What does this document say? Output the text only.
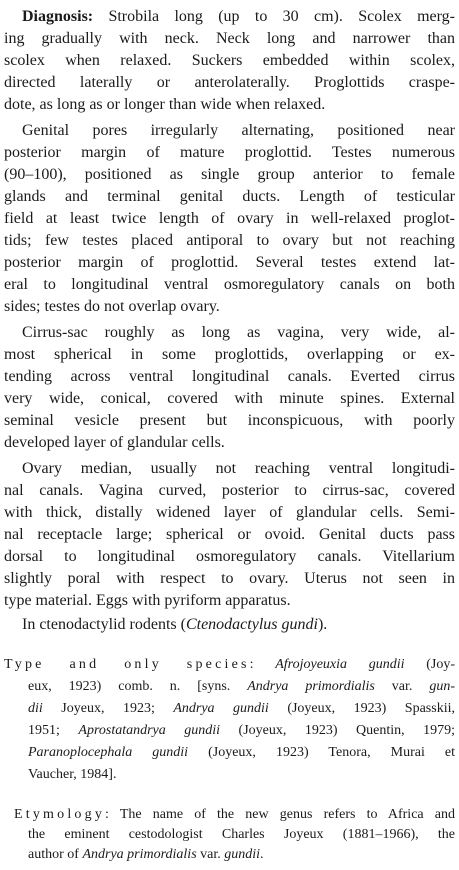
Diagnosis: Strobila long (up to 30 cm). Scolex merg-
ing gradually with neck. Neck long and narrower than
scolex when relaxed. Suckers embedded within scolex,
directed laterally or anterolaterally. Proglottids craspe-
dote, as long as or longer than wide when relaxed.
Genital pores irregularly alternating, positioned near
posterior margin of mature proglottid. Testes numerous
(90–100), positioned as single group anterior to female
glands and terminal genital ducts. Length of testicular
field at least twice length of ovary in well-relaxed proglot-
tids; few testes placed antiporal to ovary but not reaching
posterior margin of proglottid. Several testes extend lat-
eral to longitudinal ventral osmoregulatory canals on both
sides; testes do not overlap ovary.
Cirrus-sac roughly as long as vagina, very wide, al-
most spherical in some proglottids, overlapping or ex-
tending across ventral longitudinal canals. Everted cirrus
very wide, conical, covered with minute spines. External
seminal vesicle present but inconspicuous, with poorly
developed layer of glandular cells.
Ovary median, usually not reaching ventral longitudi-
nal canals. Vagina curved, posterior to cirrus-sac, covered
with thick, distally widened layer of glandular cells. Semi-
nal receptacle large; spherical or ovoid. Genital ducts pass
dorsal to longitudinal osmoregulatory canals. Vitellarium
slightly poral with respect to ovary. Uterus not seen in
type material. Eggs with pyriform apparatus.
In ctenodactylid rodents (Ctenodactylus gundi).
Type and only species: Afrojoyeuxia gundii (Joy-
eux, 1923) comb. n. [syns. Andrya primordialis var. gun-
dii Joyeux, 1923; Andrya gundii (Joyeux, 1923) Spasskii,
1951; Aprostatandrya gundii (Joyeux, 1923) Quentin, 1979;
Paranoplocephala gundii (Joyeux, 1923) Tenora, Murai et
Vaucher, 1984].
Etymology: The name of the new genus refers to Africa and
the eminent cestodologist Charles Joyeux (1881–1966), the
author of Andrya primordialis var. gundii.
